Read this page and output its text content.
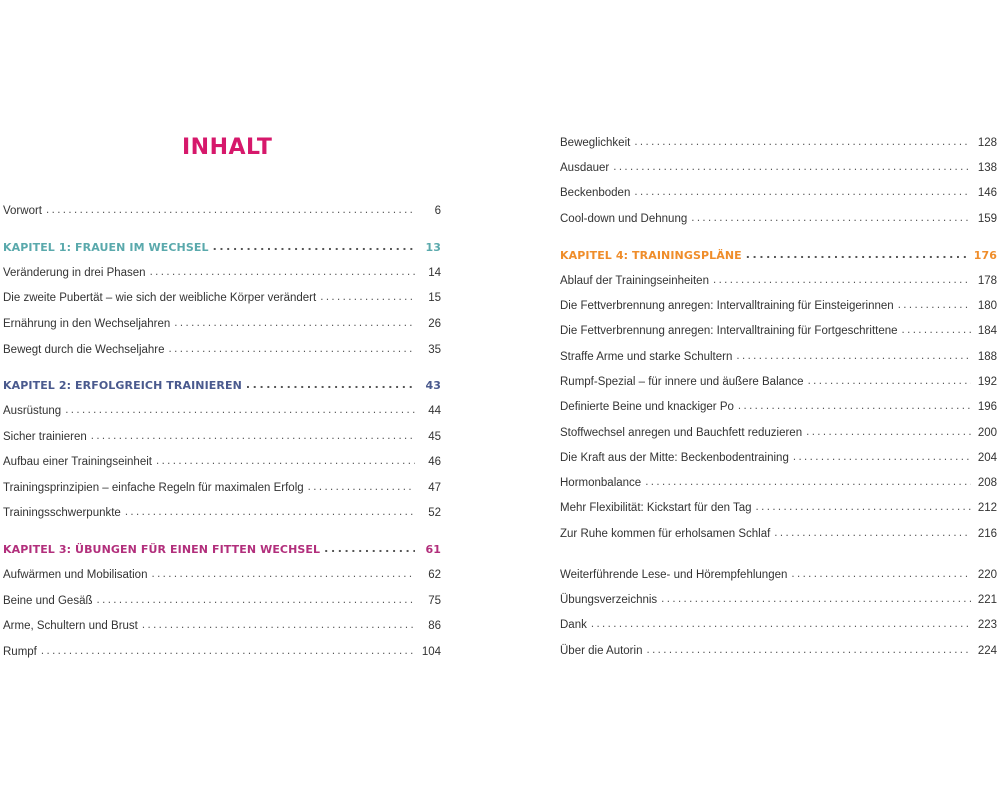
INHALT
Vorwort .....	6
KAPITEL 1: FRAUEN IM WECHSEL .....	13
Veränderung in drei Phasen .....	14
Die zweite Pubertät – wie sich der weibliche Körper verändert .....	15
Ernährung in den Wechseljahren .....	26
Bewegt durch die Wechseljahre .....	35
KAPITEL 2: ERFOLGREICH TRAINIEREN .....	43
Ausrüstung .....	44
Sicher trainieren .....	45
Aufbau einer Trainingseinheit .....	46
Trainingsprinzipien – einfache Regeln für maximalen Erfolg .....	47
Trainingsschwerpunkte .....	52
KAPITEL 3: ÜBUNGEN FÜR EINEN FITTEN WECHSEL .....	61
Aufwärmen und Mobilisation .....	62
Beine und Gesäß .....	75
Arme, Schultern und Brust .....	86
Rumpf .....	104
Beweglichkeit .....	128
Ausdauer .....	138
Beckenboden .....	146
Cool-down und Dehnung .....	159
KAPITEL 4: TRAININGSPLÄNE .....	176
Ablauf der Trainingseinheiten .....	178
Die Fettverbrennung anregen: Intervalltraining für Einsteigerinnen .....	180
Die Fettverbrennung anregen: Intervalltraining für Fortgeschrittene .....	184
Straffe Arme und starke Schultern .....	188
Rumpf-Spezial – für innere und äußere Balance .....	192
Definierte Beine und knackiger Po .....	196
Stoffwechsel anregen und Bauchfett reduzieren .....	200
Die Kraft aus der Mitte: Beckenbodentraining .....	204
Hormonbalance .....	208
Mehr Flexibilität: Kickstart für den Tag .....	212
Zur Ruhe kommen für erholsamen Schlaf .....	216
Weiterführende Lese- und Hörempfehlungen .....	220
Übungsverzeichnis .....	221
Dank .....	223
Über die Autorin .....	224
